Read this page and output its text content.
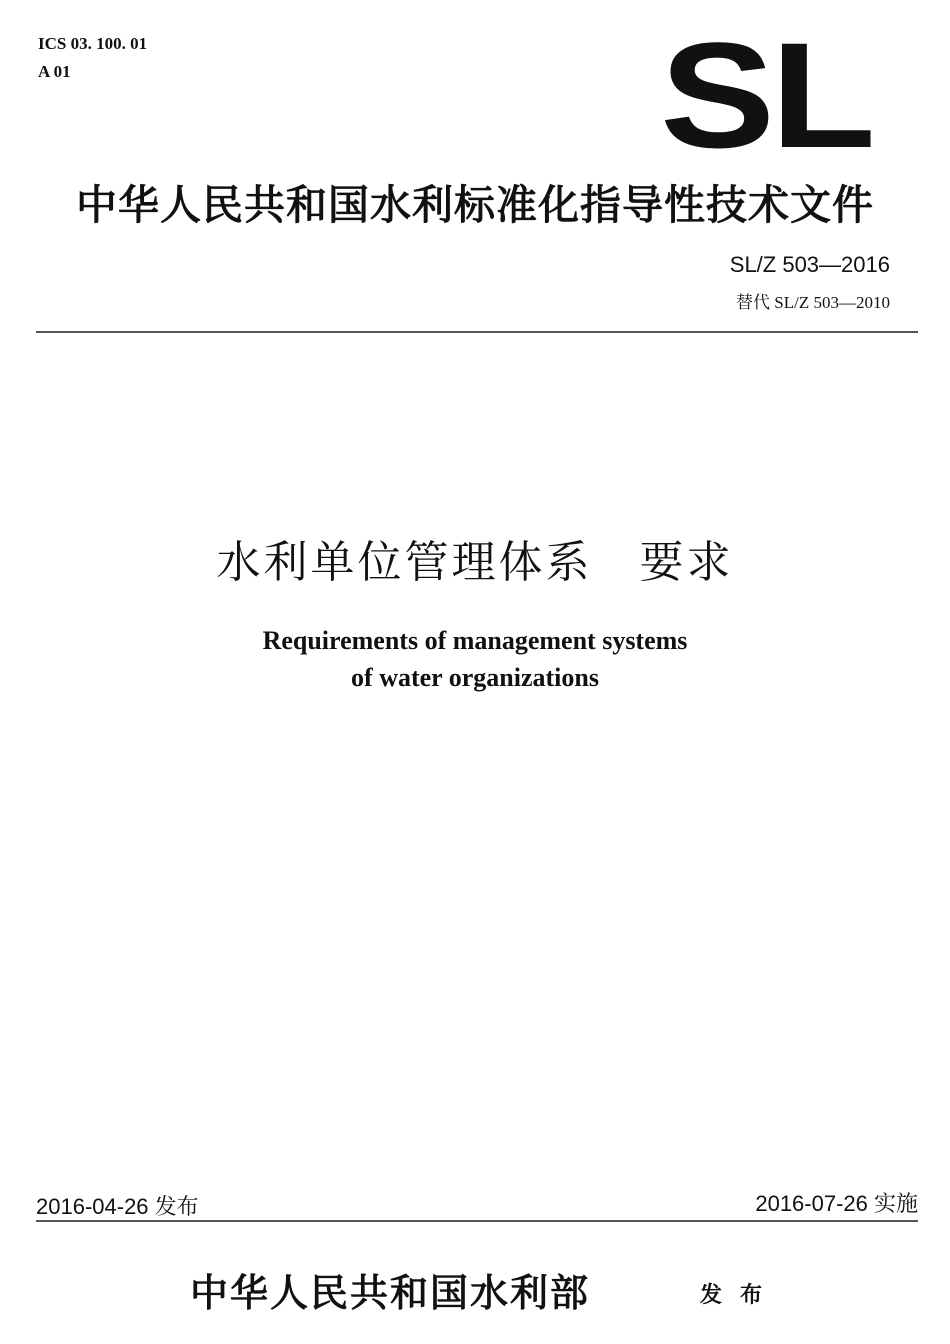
ICS 03. 100. 01
A 01	SL
中华人民共和国水利标准化指导性技术文件
SL/Z 503—2016
替代 SL/Z 503—2010
水利单位管理体系　要求
Requirements of management systems
of water organizations
2016-04-26 发布	2016-07-26 实施
中华人民共和国水利部	发布
